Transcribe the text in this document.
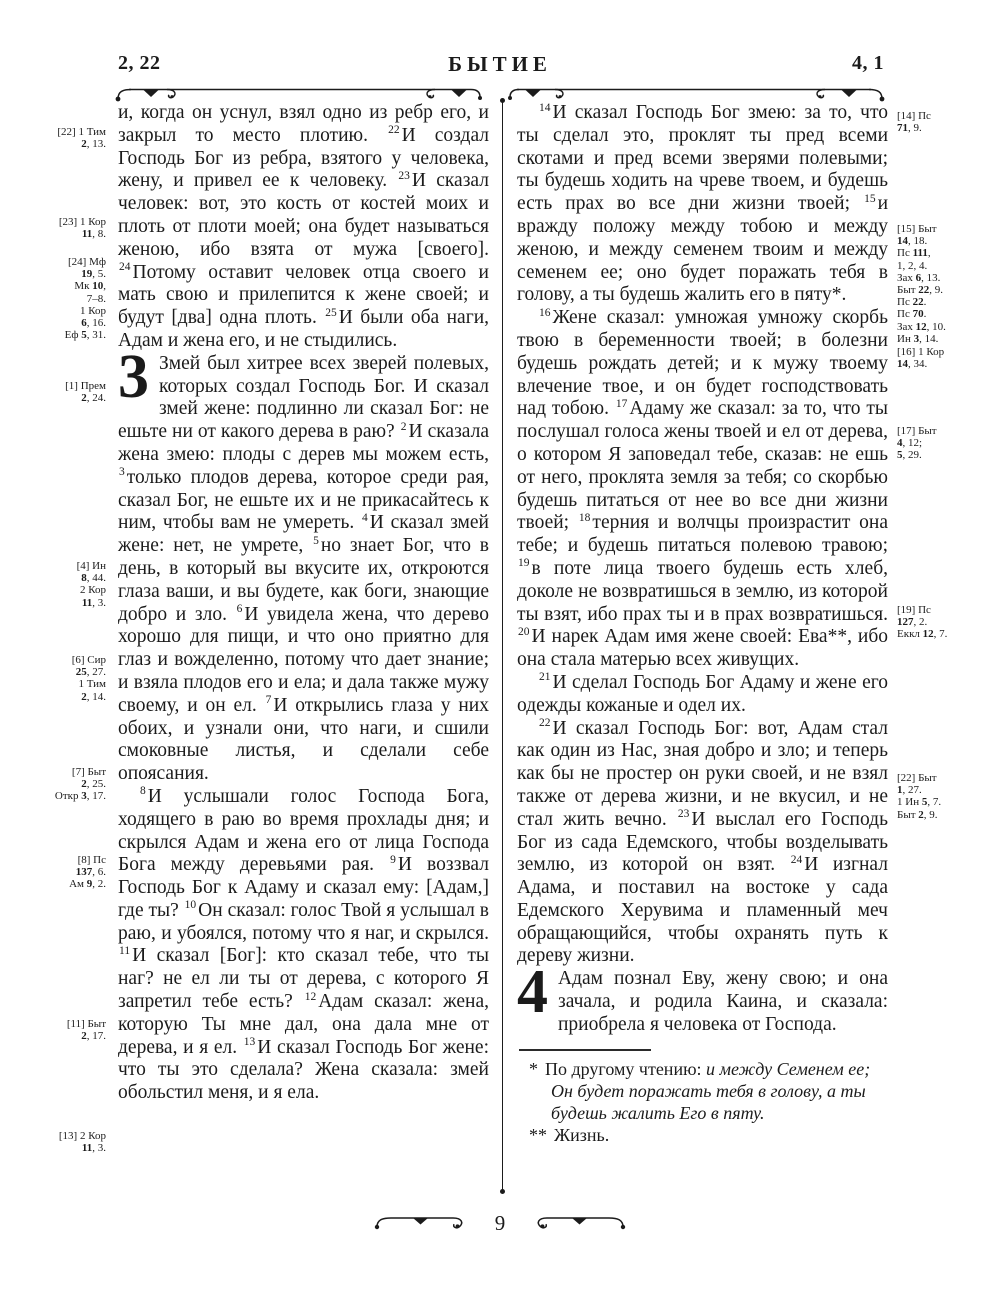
2, 22	БЫТИЕ	4, 1
[22] 1 Тим
2, 13.
[23] 1 Кор
11, 8.
[24] Мф
19, 5.
Мк 10,
7–8.
1 Кор
6, 16.
Еф 5, 31.
[1] Прем
2, 24.
[4] Ин
8, 44.
2 Кор
11, 3.
[6] Сир
25, 27.
1 Тим
2, 14.
[7] Быт
2, 25.
Откр 3, 17.
[8] Пс
137, 6.
Ам 9, 2.
[11] Быт
2, 17.
[13] 2 Кор
11, 3.

и, когда он уснул, взял одно из ребр его, и закрыл то место плотию. $^{22}$ И создал Господь Бог из ребра, взятого у человека, жену, и привел ее к человеку. $^{23}$ И сказал человек: вот, это кость от костей моих и плоть от плоти моей; она будет называться женою, ибо взята от мужа [своего]. $^{24}$ Потому оставит человек отца своего и мать свою и прилепится к жене своей; и будут [два] одна плоть. $^{25}$ И были оба наги, Адам и жена его, и не стыдились.

3 Змей был хитрее всех зверей полевых, которых создал Господь Бог. И сказал змей жене: подлинно ли сказал Бог: не ешьте ни от какого дерева в раю? $^2$ И сказала жена змею: плоды с дерев мы можем есть, $^3$ только плодов дерева, которое среди рая, сказал Бог, не ешьте их и не прикасайтесь к ним, чтобы вам не умереть. $^4$ И сказал змей жене: нет, не умрете, $^5$ но знает Бог, что в день, в который вы вкусите их, откроются глаза ваши, и вы будете, как боги, знающие добро и зло. $^6$ И увидела жена, что дерево хорошо для пищи, и что оно приятно для глаз и вожделенно, потому что дает знание; и взяла плодов его и ела; и дала также мужу своему, и он ел. $^7$ И открылись глаза у них обоих, и узнали они, что наги, и сшили смоковные листья, и сделали себе опоясания.

$^8$ И услышали голос Господа Бога, ходящего в раю во время прохлады дня; и скрылся Адам и жена его от лица Господа Бога между деревьями рая. $^9$ И воззвал Господь Бог к Адаму и сказал ему: [Адам,] где ты? $^{10}$ Он сказал: голос Твой я услышал в раю, и убоялся, потому что я наг, и скрылся. $^{11}$ И сказал [Бог]: кто сказал тебе, что ты наг? не ел ли ты от дерева, с которого Я запретил тебе есть? $^{12}$ Адам сказал: жена, которую Ты мне дал, она дала мне от дерева, и я ел. $^{13}$ И сказал Господь Бог жене: что ты это сделала? Жена сказала: змей обольстил меня, и я ела.

$^{14}$ И сказал Господь Бог змею: за то, что ты сделал это, проклят ты пред всеми скотами и пред всеми зверями полевыми; ты будешь ходить на чреве твоем, и будешь есть прах во все дни жизни твоей; $^{15}$ и вражду положу между тобою и между женою, и между семенем твоим и между семенем ее; оно будет поражать тебя в голову, а ты будешь жалить его в пяту*.

$^{16}$ Жене сказал: умножая умножу скорбь твою в беременности твоей; в болезни будешь рождать детей; и к мужу твоему влечение твое, и он будет господствовать над тобою. $^{17}$ Адаму же сказал: за то, что ты послушал голоса жены твоей и ел от дерева, о котором Я заповедал тебе, сказав: не ешь от него, проклята земля за тебя; со скорбью будешь питаться от нее во все дни жизни твоей; $^{18}$ терния и волчцы произрастит она тебе; и будешь питаться полевою травою; $^{19}$ в поте лица твоего будешь есть хлеб, доколе не возвратишься в землю, из которой ты взят, ибо прах ты и в прах возвратишься. $^{20}$ И нарек Адам имя жене своей: Ева**, ибо она стала матерью всех живущих.

$^{21}$ И сделал Господь Бог Адаму и жене его одежды кожаные и одел их.

$^{22}$ И сказал Господь Бог: вот, Адам стал как один из Нас, зная добро и зло; и теперь как бы не простер он руки своей, и не взял также от дерева жизни, и не вкусил, и не стал жить вечно. $^{23}$ И выслал его Господь Бог из сада Едемского, чтобы возделывать землю, из которой он взят. $^{24}$ И изгнал Адама, и поставил на востоке у сада Едемского Херувима и пламенный меч обращающийся, чтобы охранять путь к дереву жизни.

4 Адам познал Еву, жену свою; и она зачала, и родила Каина, и сказала: приобрела я человека от Господа.

* По другому чтению: и между Семенем ее; Он будет поражать тебя в голову, а ты будешь жалить Его в пяту.
** Жизнь.
[14] Пс
71, 9.
[15] Быт
14, 18.
Пс 111,
1, 2, 4.
Зах 6, 13.
Быт 22, 9.
Пс 22.
Пс 70.
Зах 12, 10.
Ин 3, 14.
[16] 1 Кор
14, 34.
[17] Быт
4, 12;
5, 29.
[19] Пс
127, 2.
Еккл 12, 7.
[22] Быт
1, 27.
1 Ин 5, 7.
Быт 2, 9.
9
